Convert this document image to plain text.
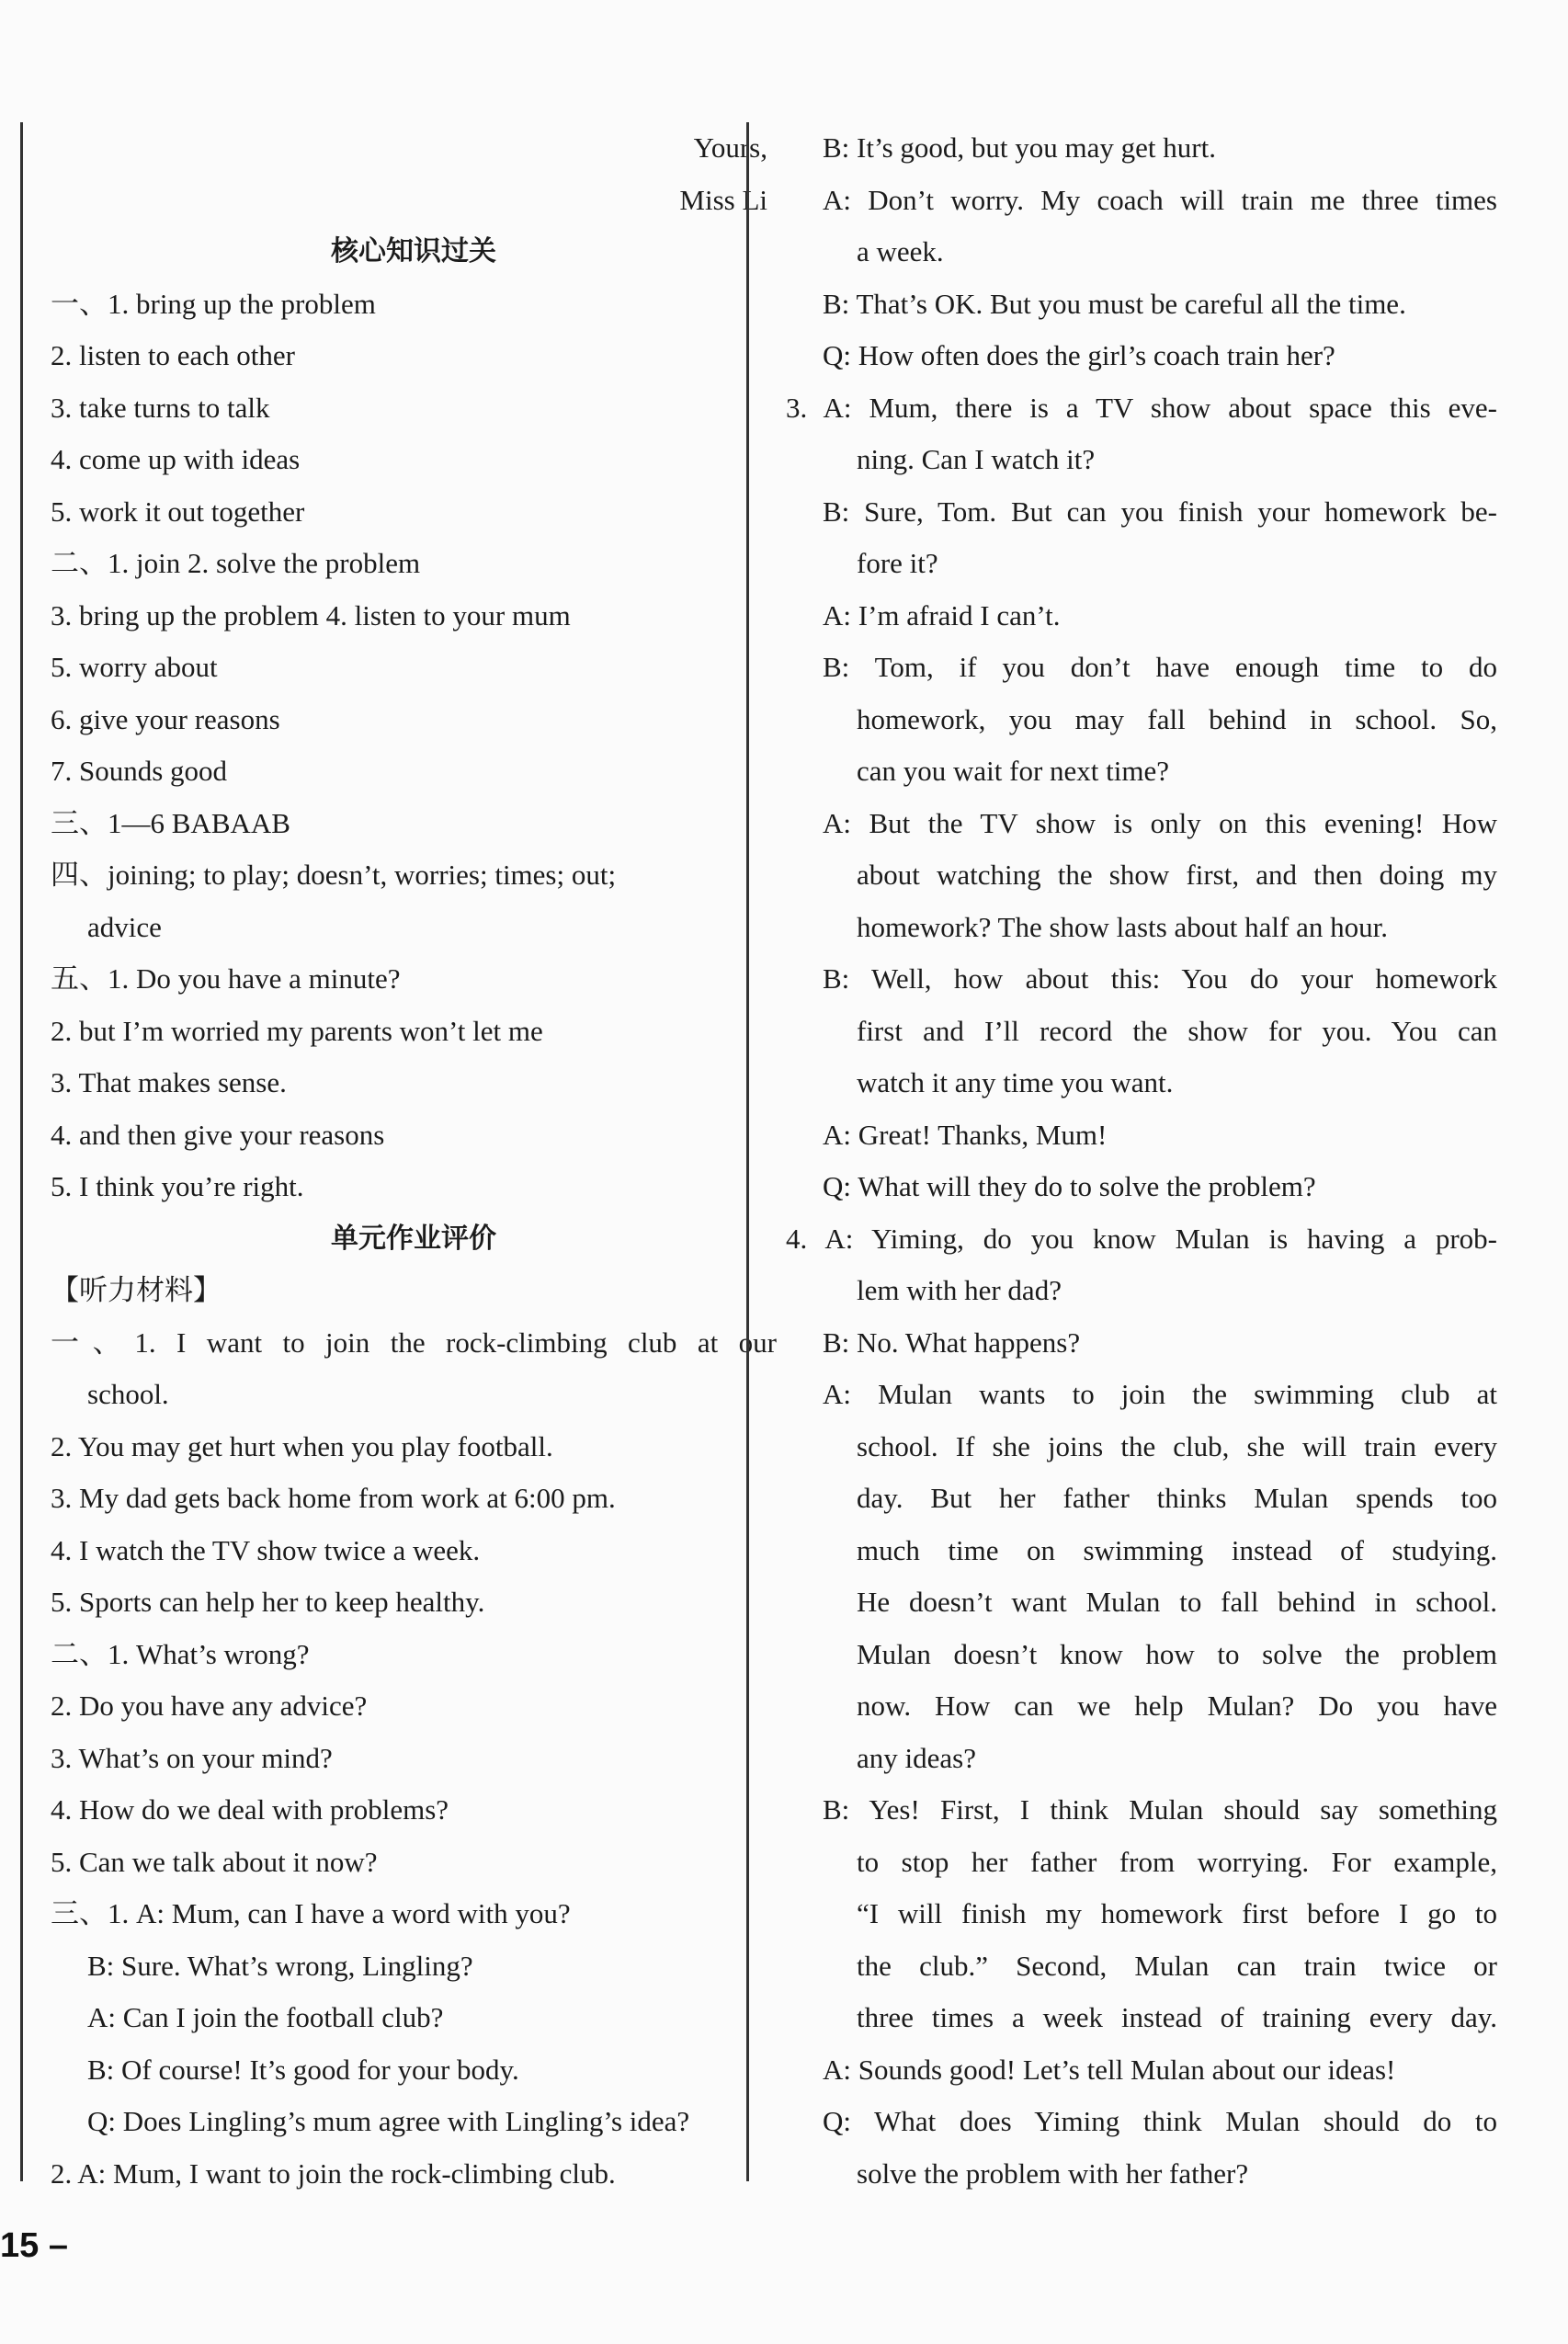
Yours,
Miss Li
核心知识过关
一、1. bring up the problem
2. listen to each other
3. take turns to talk
4. come up with ideas
5. work it out together
二、1. join 2. solve the problem
3. bring up the problem 4. listen to your mum
5. worry about
6. give your reasons
7. Sounds good
三、1—6 BABAAB
四、joining; to play; doesn’t, worries; times; out;
advice
五、1. Do you have a minute?
2. but I’m worried my parents won’t let me
3. That makes sense.
4. and then give your reasons
5. I think you’re right.
单元作业评价
【听力材料】
一、1. I want to join the rock-climbing club at our
school.
2. You may get hurt when you play football.
3. My dad gets back home from work at 6:00 pm.
4. I watch the TV show twice a week.
5. Sports can help her to keep healthy.
二、1. What’s wrong?
2. Do you have any advice?
3. What’s on your mind?
4. How do we deal with problems?
5. Can we talk about it now?
三、1. A: Mum, can I have a word with you?
B: Sure. What’s wrong, Lingling?
A: Can I join the football club?
B: Of course! It’s good for your body.
Q: Does Lingling’s mum agree with Lingling’s idea?
2. A: Mum, I want to join the rock-climbing club.
B: It’s good, but you may get hurt.
A: Don’t worry. My coach will train me three times
a week.
B: That’s OK. But you must be careful all the time.
Q: How often does the girl’s coach train her?
3. A: Mum, there is a TV show about space this eve-
ning. Can I watch it?
B: Sure, Tom. But can you finish your homework be-
fore it?
A: I’m afraid I can’t.
B: Tom, if you don’t have enough time to do
homework, you may fall behind in school. So,
can you wait for next time?
A: But the TV show is only on this evening! How
about watching the show first, and then doing my
homework? The show lasts about half an hour.
B: Well, how about this: You do your homework
first and I’ll record the show for you. You can
watch it any time you want.
A: Great! Thanks, Mum!
Q: What will they do to solve the problem?
4. A: Yiming, do you know Mulan is having a prob-
lem with her dad?
B: No. What happens?
A: Mulan wants to join the swimming club at
school. If she joins the club, she will train every
day. But her father thinks Mulan spends too
much time on swimming instead of studying.
He doesn’t want Mulan to fall behind in school.
Mulan doesn’t know how to solve the problem
now. How can we help Mulan? Do you have
any ideas?
B: Yes! First, I think Mulan should say something
to stop her father from worrying. For example,
“I will finish my homework first before I go to
the club.” Second, Mulan can train twice or
three times a week instead of training every day.
A: Sounds good! Let’s tell Mulan about our ideas!
Q: What does Yiming think Mulan should do to
solve the problem with her father?
15 –
